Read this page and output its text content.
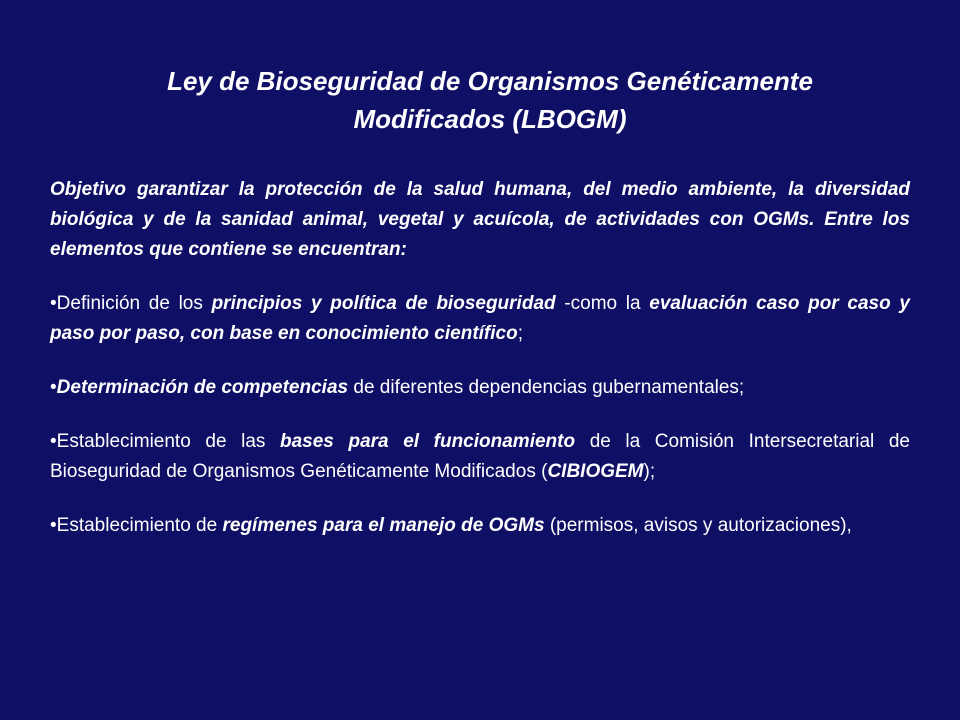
Ley de Bioseguridad de Organismos Genéticamente
Modificados (LBOGM)

Objetivo garantizar la protección de la salud humana, del medio ambiente, la diversidad biológica y de la sanidad animal, vegetal y acuícola, de actividades con OGMs. Entre los elementos que contiene se encuentran:

•Definición de los principios y política de bioseguridad -como la evaluación caso por caso y paso por paso, con base en conocimiento científico;

•Determinación de competencias de diferentes dependencias gubernamentales;

•Establecimiento de las bases para el funcionamiento de la Comisión Intersecretarial de Bioseguridad de Organismos Genéticamente Modificados (CIBIOGEM);

•Establecimiento de regímenes para el manejo de OGMs (permisos, avisos y autorizaciones),
